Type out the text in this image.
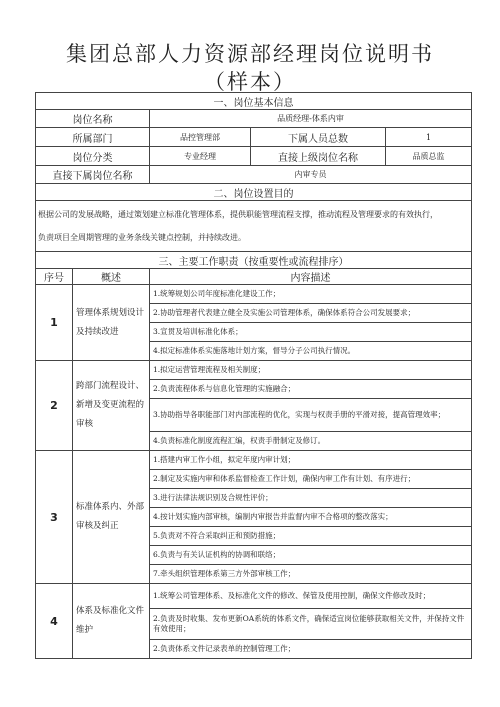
集团总部人力资源部经理岗位说明书
（样本）
一、岗位基本信息				
岗位名称		品质经理-体系内审		
所属部门		品控管理部	下属人员总数	1
岗位分类		专业经理	直接上级岗位名称	品质总监
直接下属岗位名称		内审专员		
二、岗位设置目的				

根据公司的发展战略，通过策划建立标准化管理体系，提供职能管理流程支撑，推动流程及管理要求的有效执行，
负责项目全周期管理的业务条线关键点控制，并持续改进。				

三、主要工作职责（按重要性或流程排序）				
序号	概述	内容描述		
1	管理体系规划设计及持续改进	1.统筹规划公司年度标准化建设工作；		
		2.协助管理者代表建立健全及实施公司管理体系，确保体系符合公司发展要求；		
		3.宣贯及培训标准化体系；		
		4.拟定标准体系实施落地计划方案，督导分子公司执行情况。		
2	跨部门流程设计、新增及变更流程的审核	1.拟定运营管理流程及相关制度；		
		2.负责流程体系与信息化管理的实施融合；		
		3.协助指导各职能部门对内部流程的优化，实现与权责手册的平滑对接，提高管理效率；		
		4.负责标准化制度流程汇编，权责手册制定及修订。		
3	标准体系内、外部审核及纠正	1.搭建内审工作小组，拟定年度内审计划；		
		2.制定及实施内审和体系监督检查工作计划，确保内审工作有计划、有序进行；		
		3.进行法律法规识别及合规性评价；		
		4.按计划实施内部审核，编制内审报告并监督内审不合格项的整改落实；		
		5.负责对不符合采取纠正和预防措施；		
		6.负责与有关认证机构的协调和联络；		
		7.牵头组织管理体系第三方外部审核工作；		
4	体系及标准化文件维护	1.统筹公司管理体系、及标准化文件的修改、保管及使用控制，确保文件修改及时；		
		2.负责及时收集、发布更新OA系统的体系文件，确保适宜岗位能够获取相关文件，并保持文件有效使用；		
		2.负责体系文件记录表单的控制管理工作；		
